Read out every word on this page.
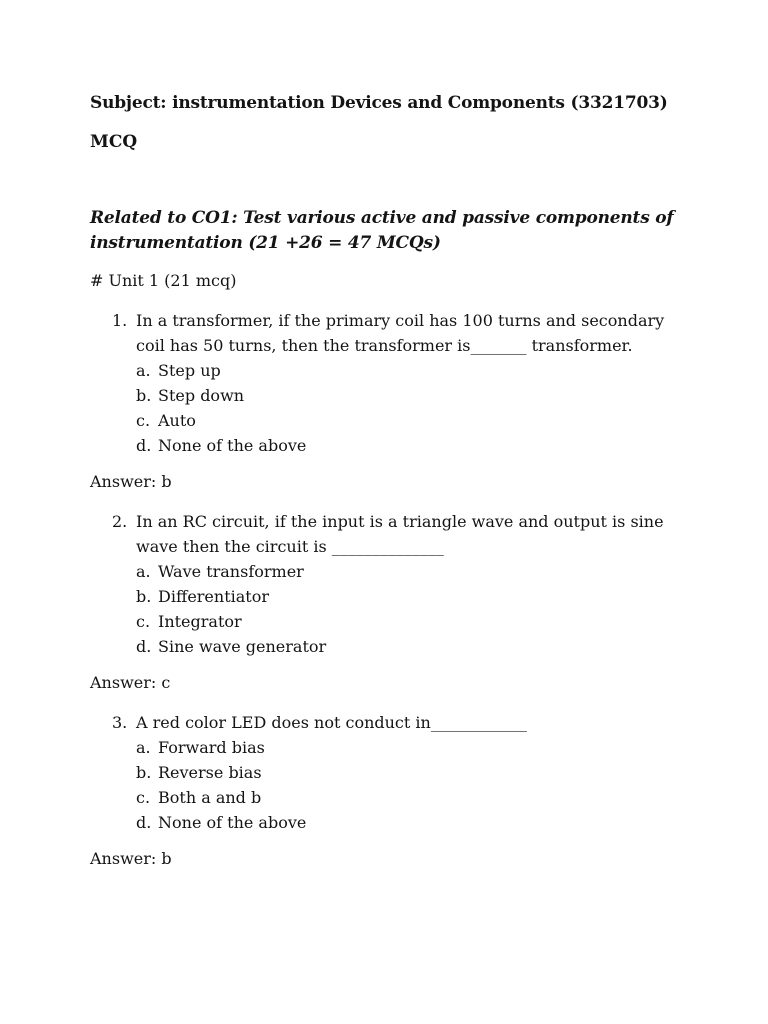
Subject: instrumentation Devices and Components (3321703)
MCQ
Related to CO1: Test various active and passive components of instrumentation (21 +26 = 47 MCQs)
# Unit 1 (21 mcq)
1. In a transformer, if the primary coil has 100 turns and secondary coil has 50 turns, then the transformer is_______ transformer.
a. Step up
b. Step down
c. Auto
d. None of the above
Answer: b
2. In an RC circuit, if the input is a triangle wave and output is sine wave then the circuit is ______________
a. Wave transformer
b. Differentiator
c. Integrator
d. Sine wave generator
Answer: c
3. A red color LED does not conduct in____________
a. Forward bias
b. Reverse bias
c. Both a and b
d. None of the above
Answer: b
